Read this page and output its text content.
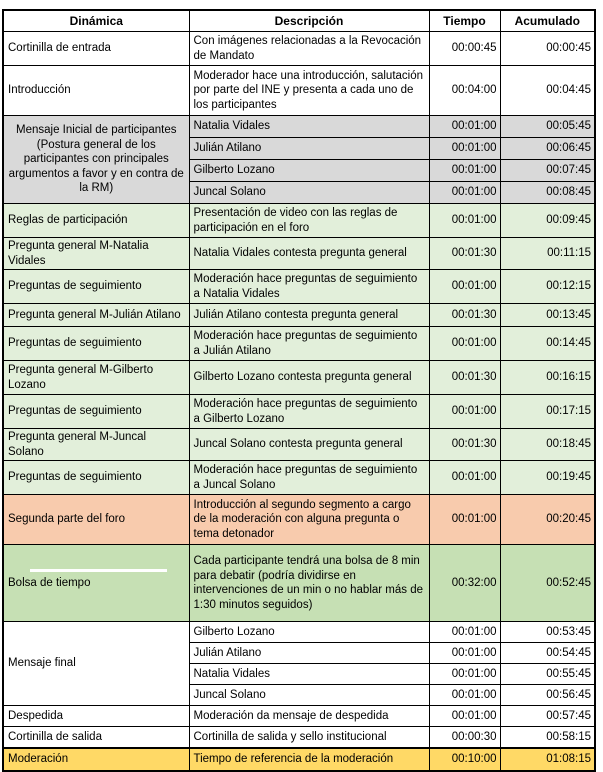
Dinámica	Descripción	Tiempo	Acumulado
Cortinilla de entrada	Con imágenes relacionadas a la Revocación de Mandato	00:00:45	00:00:45
Introducción	Moderador hace una introducción, salutación por parte del INE y presenta a cada uno de los participantes	00:04:00	00:04:45
Mensaje Inicial de participantes (Postura general de los participantes con principales argumentos a favor y en contra de la RM)	Natalia Vidales	00:01:00	00:05:45
	Julián Atilano	00:01:00	00:06:45
	Gilberto Lozano	00:01:00	00:07:45
	Juncal Solano	00:01:00	00:08:45
Reglas de participación	Presentación de video con las reglas de participación en el foro	00:01:00	00:09:45
Pregunta general M-Natalia Vidales	Natalia Vidales contesta pregunta general	00:01:30	00:11:15
Preguntas de seguimiento	Moderación hace preguntas de seguimiento a Natalia Vidales	00:01:00	00:12:15
Pregunta general M-Julián Atilano	Julián Atilano contesta pregunta general	00:01:30	00:13:45
Preguntas de seguimiento	Moderación hace preguntas de seguimiento a Julián Atilano	00:01:00	00:14:45
Pregunta general M-Gilberto Lozano	Gilberto Lozano contesta pregunta general	00:01:30	00:16:15
Preguntas de seguimiento	Moderación hace preguntas de seguimiento a Gilberto Lozano	00:01:00	00:17:15
Pregunta general M-Juncal Solano	Juncal Solano contesta pregunta general	00:01:30	00:18:45
Preguntas de seguimiento	Moderación hace preguntas de seguimiento a Juncal Solano	00:01:00	00:19:45
Segunda parte del foro	Introducción al segundo segmento a cargo de la moderación con alguna pregunta o tema detonador	00:01:00	00:20:45

Bolsa de tiempo	Cada participante tendrá una bolsa de 8 min para debatir (podría dividirse en intervenciones de un min o no hablar más de 1:30 minutos seguidos)	00:32:00	00:52:45
Mensaje final	Gilberto Lozano	00:01:00	00:53:45
	Julián Atilano	00:01:00	00:54:45
	Natalia Vidales	00:01:00	00:55:45
	Juncal Solano	00:01:00	00:56:45
Despedida	Moderación da mensaje de despedida	00:01:00	00:57:45
Cortinilla de salida	Cortinilla de salida y sello institucional	00:00:30	00:58:15
Moderación	Tiempo de referencia de la moderación	00:10:00	01:08:15
